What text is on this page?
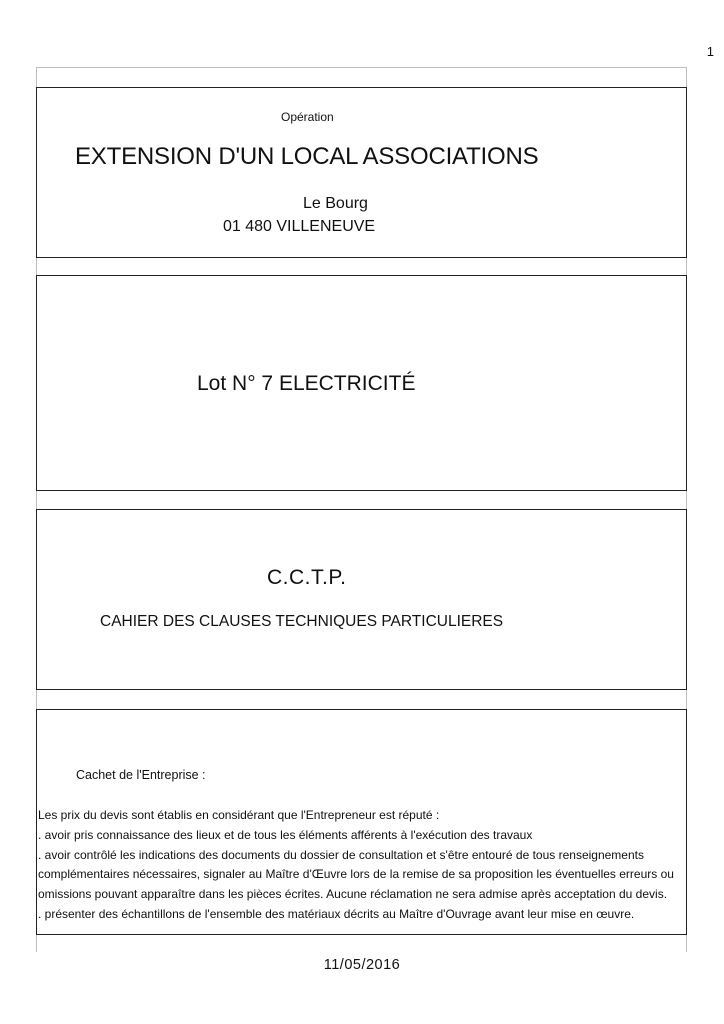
1
Opération
EXTENSION D'UN LOCAL ASSOCIATIONS
Le Bourg
01 480 VILLENEUVE
Lot N° 7 ELECTRICITÉ
C.C.T.P.
CAHIER DES CLAUSES TECHNIQUES PARTICULIERES
Cachet de l'Entreprise :
Les prix du devis sont établis en considérant que l'Entrepreneur est réputé :
. avoir pris connaissance des lieux et de tous les éléments afférents à l'exécution des travaux
. avoir contrôlé les indications des documents du dossier de consultation et s'être entouré de tous renseignements
complémentaires nécessaires, signaler au Maître d'Œuvre lors de la remise de sa proposition les éventuelles erreurs ou
omissions pouvant apparaître dans les pièces écrites. Aucune réclamation ne sera admise après acceptation du devis.
. présenter des échantillons de l'ensemble des matériaux décrits au Maître d'Ouvrage avant leur mise en œuvre.
11/05/2016
